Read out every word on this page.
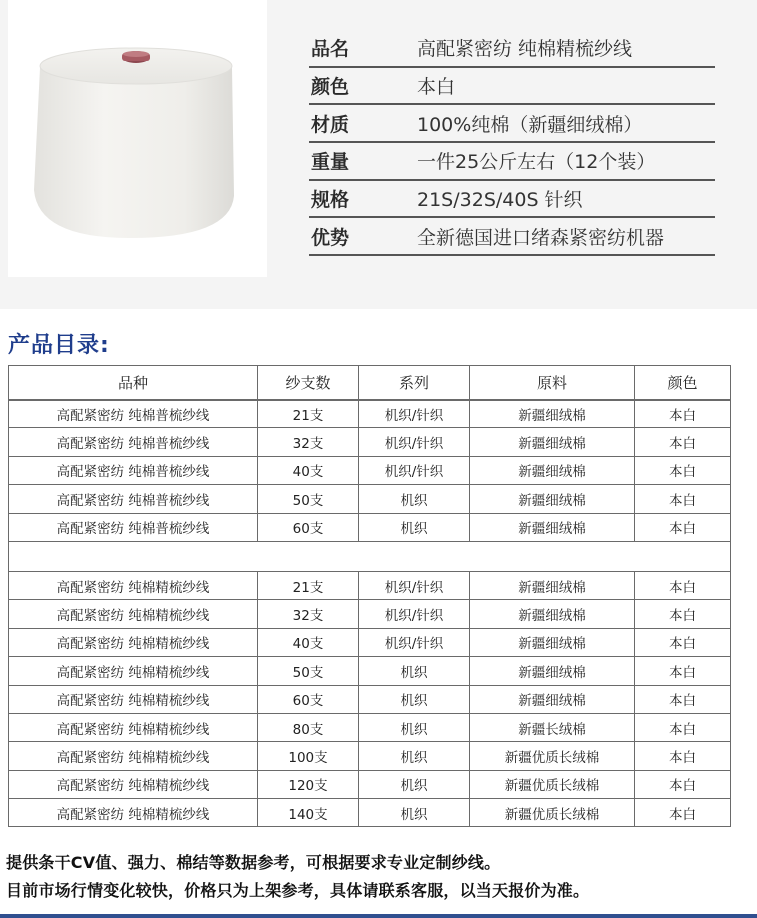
品名	高配紧密纺 纯棉精梳纱线
颜色	本白
材质	100%纯棉（新疆细绒棉）
重量	一件25公斤左右（12个装）
规格	21S/32S/40S 针织
优势	全新德国进口绪森紧密纺机器
产品目录:
品种	纱支数	系列	原料	颜色
高配紧密纺 纯棉普梳纱线	21支	机织/针织	新疆细绒棉	本白
高配紧密纺 纯棉普梳纱线	32支	机织/针织	新疆细绒棉	本白
高配紧密纺 纯棉普梳纱线	40支	机织/针织	新疆细绒棉	本白
高配紧密纺 纯棉普梳纱线	50支	机织	新疆细绒棉	本白
高配紧密纺 纯棉普梳纱线	60支	机织	新疆细绒棉	本白

高配紧密纺 纯棉精梳纱线	21支	机织/针织	新疆细绒棉	本白
高配紧密纺 纯棉精梳纱线	32支	机织/针织	新疆细绒棉	本白
高配紧密纺 纯棉精梳纱线	40支	机织/针织	新疆细绒棉	本白
高配紧密纺 纯棉精梳纱线	50支	机织	新疆细绒棉	本白
高配紧密纺 纯棉精梳纱线	60支	机织	新疆细绒棉	本白
高配紧密纺 纯棉精梳纱线	80支	机织	新疆长绒棉	本白
高配紧密纺 纯棉精梳纱线	100支	机织	新疆优质长绒棉	本白
高配紧密纺 纯棉精梳纱线	120支	机织	新疆优质长绒棉	本白
高配紧密纺 纯棉精梳纱线	140支	机织	新疆优质长绒棉	本白

提供条干CV值、强力、棉结等数据参考，可根据要求专业定制纱线。

目前市场行情变化较快，价格只为上架参考，具体请联系客服，以当天报价为准。
